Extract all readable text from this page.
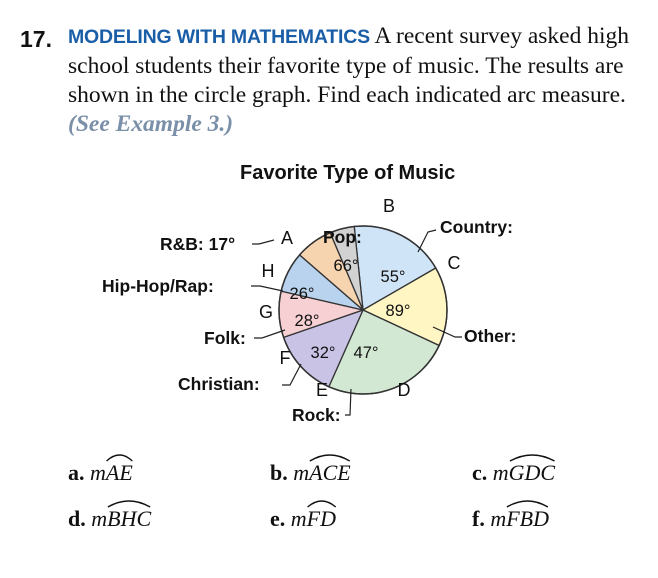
17. MODELING WITH MATHEMATICS A recent survey asked high school students their favorite type of music. The results are shown in the circle graph. Find each indicated arc measure. (See Example 3.)
Favorite Type of Music
66°
55°
89°
47°
32°
28°
26°
B
A
C
H
G
F
E	D
R&B: 17°	Pop:	Country:
Hip-Hop/Rap:
Folk:	Other:
Christian:
Rock:
a. mAE	b. mACE	c. mGDC
d. mBHC	e. mFD	f. mFBD
